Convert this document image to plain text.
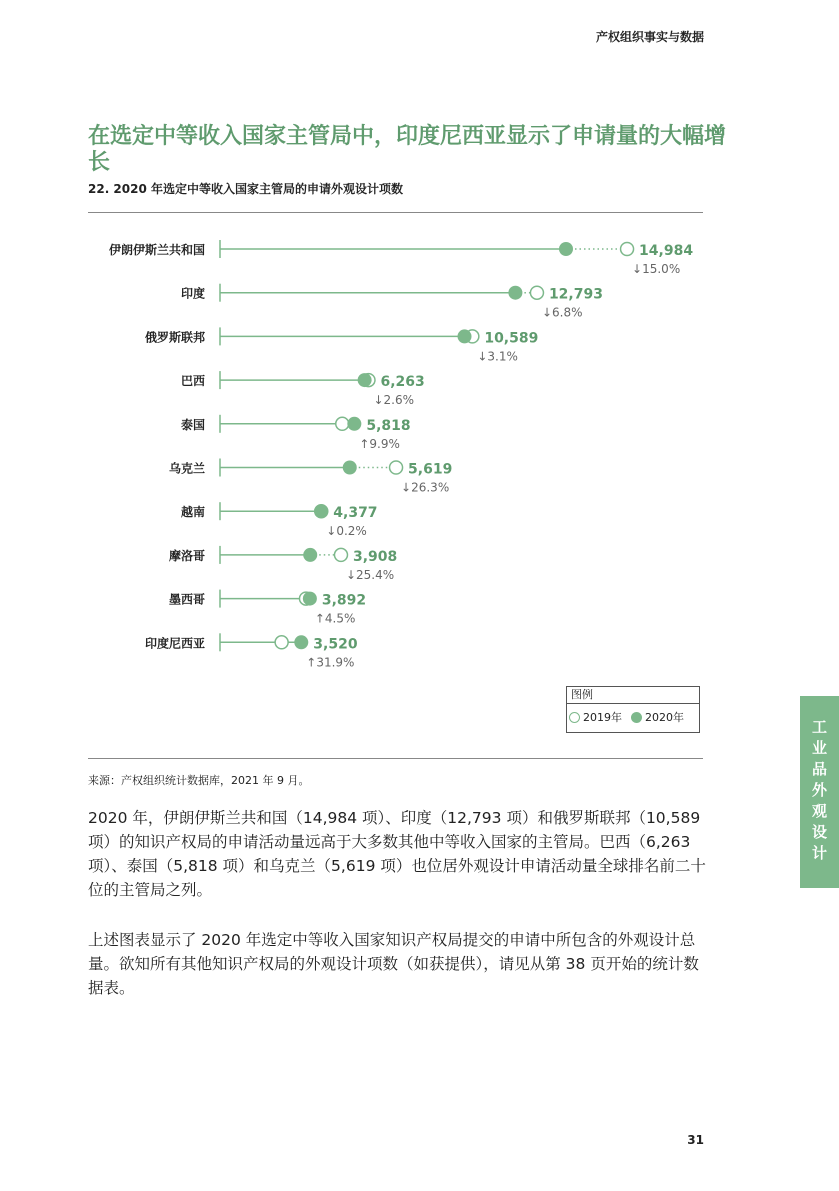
产权组织事实与数据
在选定中等收入国家主管局中，印度尼西亚显示了申请量的大幅增长
22. 2020 年选定中等收入国家主管局的申请外观设计项数
伊朗伊斯兰共和国	14,984
↓15.0%
印度	12,793
↓6.8%
俄罗斯联邦	10,589
↓3.1%
巴西	6,263
↓2.6%
泰国	5,818
↑9.9%
乌克兰	5,619
↓26.3%
越南	4,377
↓0.2%
摩洛哥	3,908
↓25.4%
墨西哥	3,892
↑4.5%
印度尼西亚	3,520
↑31.9%
图例
2019年 2020年
来源：产权组织统计数据库，2021 年 9 月。
2020 年，伊朗伊斯兰共和国（14,984 项）、印度（12,793 项）和俄罗斯联邦（10,589 项）的知识产权局的申请活动量远高于大多数其他中等收入国家的主管局。巴西（6,263 项）、泰国（5,818 项）和乌克兰（5,619 项）也位居外观设计申请活动量全球排名前二十位的主管局之列。
上述图表显示了 2020 年选定中等收入国家知识产权局提交的申请中所包含的外观设计总量。欲知所有其他知识产权局的外观设计项数（如获提供），请见从第 38 页开始的统计数据表。
工业品外观设计
31
